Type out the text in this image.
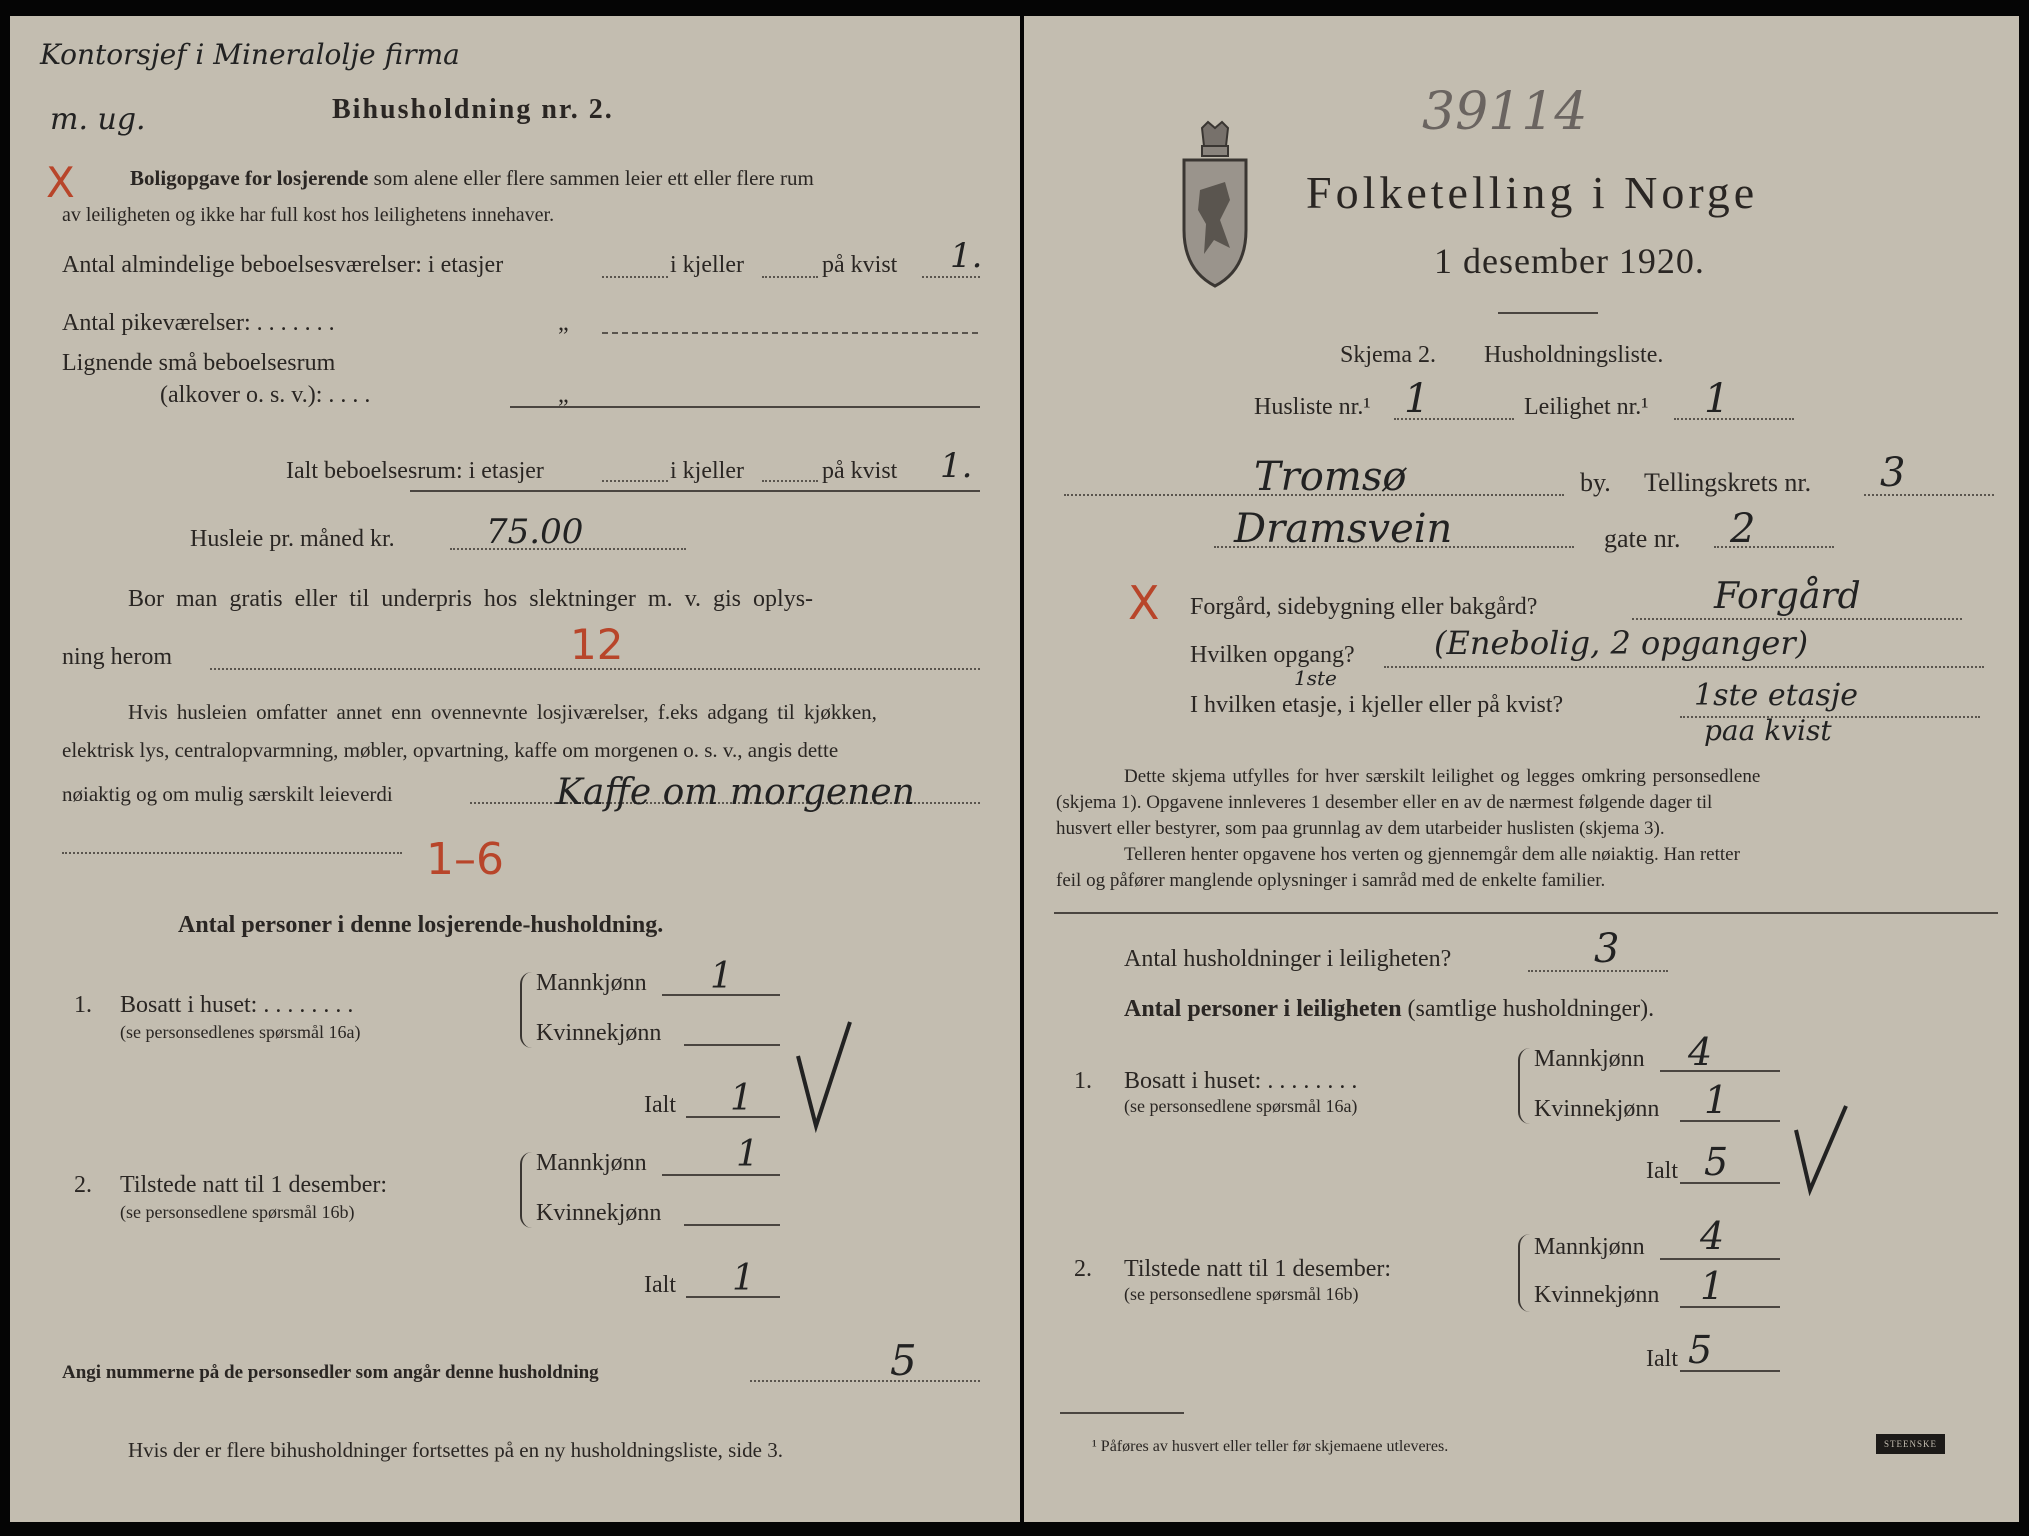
Kontorsjef i Mineralolje firma
m. ug.	Bihusholdning nr. 2.
X	Boligopgave for losjerende som alene eller flere sammen leier ett eller flere rum
av leiligheten og ikke har full kost hos leilighetens innehaver.
Antal almindelige beboelsesværelser: i etasjer	i kjeller	på kvist 1.
Antal pikeværelser: . . . . . . .	„
Lignende små beboelsesrum
(alkover o. s. v.): . . . .	„
Ialt beboelsesrum: i etasjer	i kjeller	på kvist 1.
Husleie pr. måned kr.	75.00
Bor man gratis eller til underpris hos slektninger m. v. gis oplys-
ning herom	12
Hvis husleien omfatter annet enn ovennevnte losjiværelser, f.eks adgang til kjøkken,
elektrisk lys, centralopvarmning, møbler, opvartning, kaffe om morgenen o. s. v., angis dette
nøiaktig og om mulig særskilt leieverdi	Kaffe om morgenen
1–6
Antal personer i denne losjerende-husholdning.
1. Bosatt i huset: . . . . . . . .
(se personsedlenes spørsmål 16a)
Mannkjønn 1
Kvinnekjønn
Ialt 1
2. Tilstede natt til 1 desember:
(se personsedlene spørsmål 16b)
Mannkjønn 1
Kvinnekjønn
Ialt 1
Angi nummerne på de personsedler som angår denne husholdning	5
Hvis der er flere bihusholdninger fortsettes på en ny husholdningsliste, side 3.
39114
Folketelling i Norge
1 desember 1920.
Skjema 2. Husholdningsliste.
Husliste nr.¹ 1	Leilighet nr.¹ 1
Tromsø	by. Tellingskrets nr. 3
Dramsvein	gate nr. 2
X Forgård, sidebygning eller bakgård?	Forgård
Hvilken opgang? (Enebolig, 2 opganger)
1ste
I hvilken etasje, i kjeller eller på kvist?	1ste etasje
paa kvist
Dette skjema utfylles for hver særskilt leilighet og legges omkring personsedlene
(skjema 1). Opgavene innleveres 1 desember eller en av de nærmest følgende dager til
husvert eller bestyrer, som paa grunnlag av dem utarbeider huslisten (skjema 3).
Telleren henter opgavene hos verten og gjennemgår dem alle nøiaktig. Han retter
feil og påfører manglende oplysninger i samråd med de enkelte familier.
Antal husholdninger i leiligheten?	3
Antal personer i leiligheten (samtlige husholdninger).
1. Bosatt i huset: . . . . . . . .
(se personsedlene spørsmål 16a)
Mannkjønn 4
Kvinnekjønn 1
Ialt 5
2. Tilstede natt til 1 desember:
(se personsedlene spørsmål 16b)
Mannkjønn 4
Kvinnekjønn 1
Ialt 5
¹ Påføres av husvert eller teller før skjemaene utleveres.	STEENSKE
